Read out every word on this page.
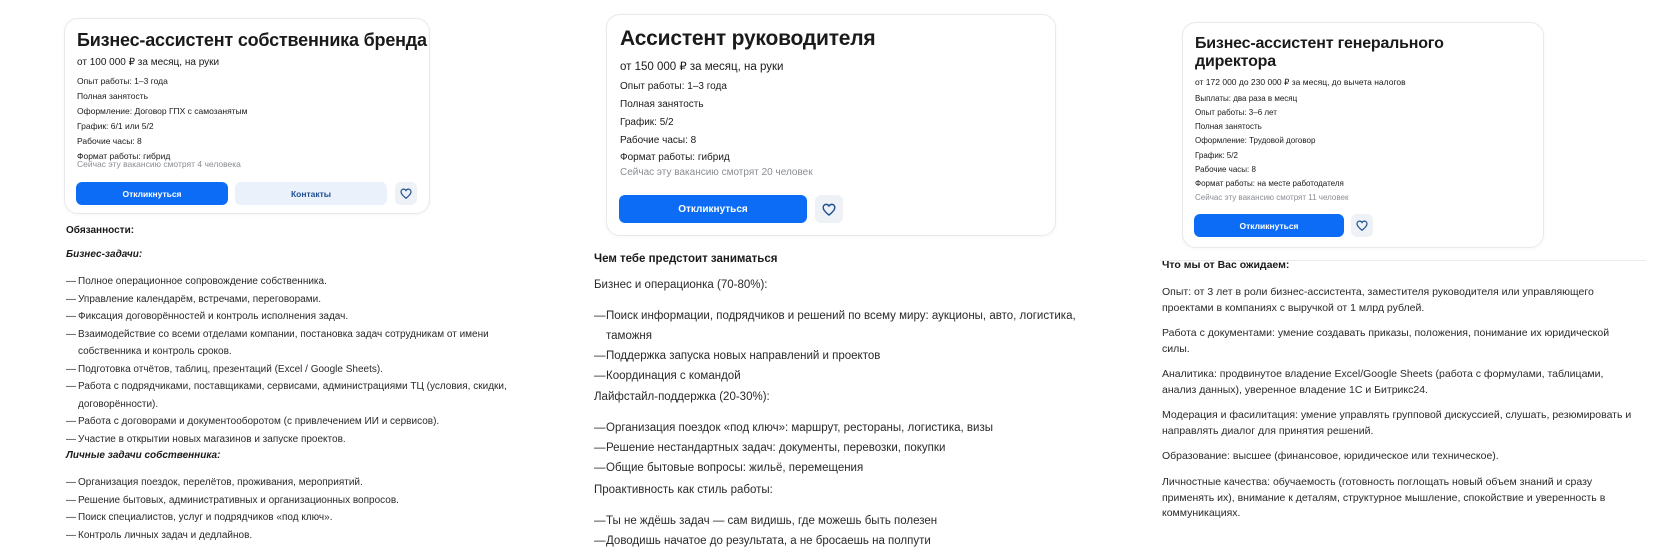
Бизнес-ассистент собственника бренда
от 100 000 ₽ за месяц, на руки
Опыт работы: 1–3 года
Полная занятость
Оформление: Договор ГПХ с самозанятым
График: 6/1 или 5/2
Рабочие часы: 8
Формат работы: гибрид
Сейчас эту вакансию смотрят 4 человека
Откликнуться	Контакты
Обязанности:
Бизнес-задачи:
— Полное операционное сопровождение собственника.
— Управление календарём, встречами, переговорами.
— Фиксация договорённостей и контроль исполнения задач.
— Взаимодействие со всеми отделами компании, постановка задач сотрудникам от имени собственника и контроль сроков.
— Подготовка отчётов, таблиц, презентаций (Excel / Google Sheets).
— Работа с подрядчиками, поставщиками, сервисами, администрациями ТЦ (условия, скидки, договорённости).
— Работа с договорами и документооборотом (с привлечением ИИ и сервисов).
— Участие в открытии новых магазинов и запуске проектов.
Личные задачи собственника:
— Организация поездок, перелётов, проживания, мероприятий.
— Решение бытовых, административных и организационных вопросов.
— Поиск специалистов, услуг и подрядчиков «под ключ».
— Контроль личных задач и дедлайнов.
Ассистент руководителя
от 150 000 ₽ за месяц, на руки
Опыт работы: 1–3 года
Полная занятость
График: 5/2
Рабочие часы: 8
Формат работы: гибрид
Сейчас эту вакансию смотрят 20 человек
Откликнуться
Чем тебе предстоит заниматься
Бизнес и операционка (70-80%):
— Поиск информации, подрядчиков и решений по всему миру: аукционы, авто, логистика, таможня
— Поддержка запуска новых направлений и проектов
— Координация с командой
Лайфстайл-поддержка (20-30%):
— Организация поездок «под ключ»: маршрут, рестораны, логистика, визы
— Решение нестандартных задач: документы, перевозки, покупки
— Общие бытовые вопросы: жильё, перемещения
Проактивность как стиль работы:
— Ты не ждёшь задач — сам видишь, где можешь быть полезен
— Доводишь начатое до результата, а не бросаешь на полпути
Бизнес-ассистент генерального директора
от 172 000 до 230 000 ₽ за месяц, до вычета налогов
Выплаты: два раза в месяц
Опыт работы: 3–6 лет
Полная занятость
Оформление: Трудовой договор
График: 5/2
Рабочие часы: 8
Формат работы: на месте работодателя
Сейчас эту вакансию смотрят 11 человек
Откликнуться
Что мы от Вас ожидаем:
Опыт: от 3 лет в роли бизнес-ассистента, заместителя руководителя или управляющего проектами в компаниях с выручкой от 1 млрд рублей.
Работа с документами: умение создавать приказы, положения, понимание их юридической силы.
Аналитика: продвинутое владение Excel/Google Sheets (работа с формулами, таблицами, анализ данных), уверенное владение 1С и Битрикс24.
Модерация и фасилитация: умение управлять групповой дискуссией, слушать, резюмировать и направлять диалог для принятия решений.
Образование: высшее (финансовое, юридическое или техническое).
Личностные качества: обучаемость (готовность поглощать новый объем знаний и сразу применять их), внимание к деталям, структурное мышление, спокойствие и уверенность в коммуникациях.
